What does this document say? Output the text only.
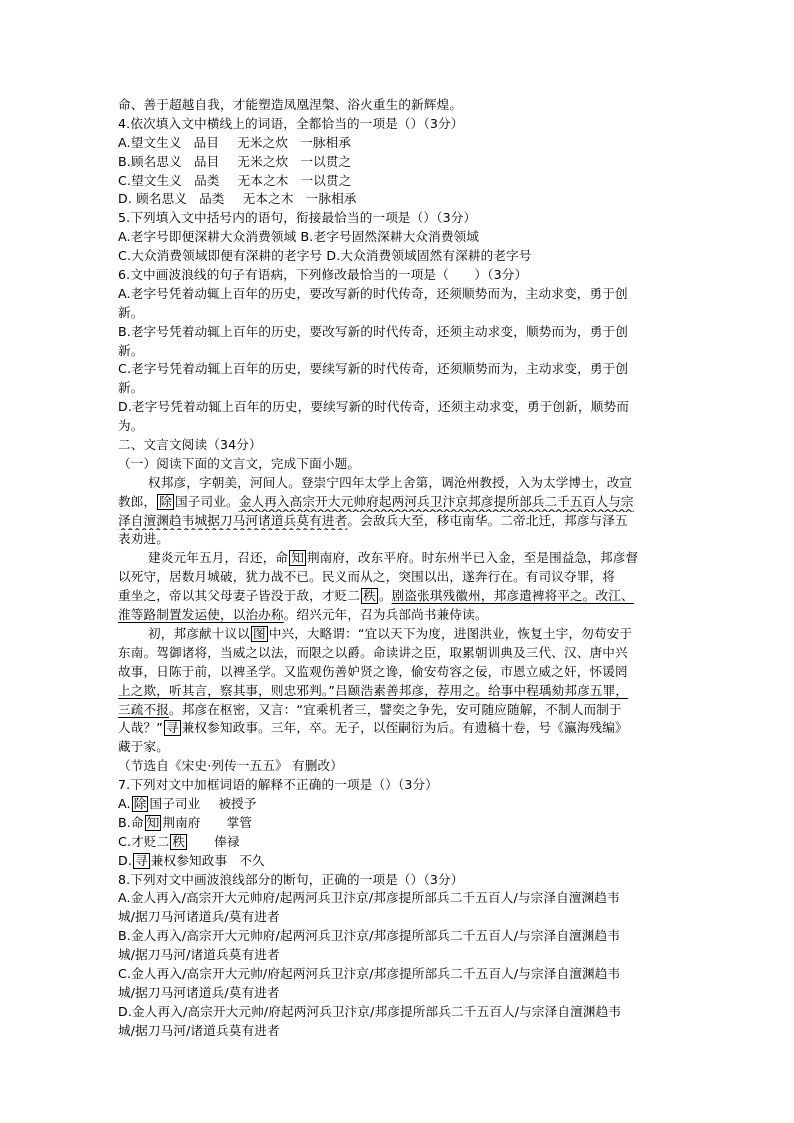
命、善于超越自我，才能塑造凤凰涅槃、浴火重生的新辉煌。
4.依次填入文中横线上的词语，全都恰当的一项是（）（3分）
A.望文生义 品目 无米之炊 一脉相承
B.顾名思义 品目 无米之炊 一以贯之
C.望文生义 品类 无本之木 一以贯之
D. 顾名思义 品类 无本之木 一脉相承
5.下列填入文中括号内的语句，衔接最恰当的一项是（）（3分）
A.老字号即便深耕大众消费领域 B.老字号固然深耕大众消费领域
C.大众消费领域即便有深耕的老字号 D.大众消费领域固然有深耕的老字号
6.文中画波浪线的句子有语病，下列修改最恰当的一项是（　　）（3分）
A.老字号凭着动辄上百年的历史，要改写新的时代传奇，还须顺势而为，主动求变，勇于创
新。
B.老字号凭着动辄上百年的历史，要改写新的时代传奇，还须主动求变，顺势而为，勇于创
新。
C.老字号凭着动辄上百年的历史，要续写新的时代传奇，还须顺势而为，主动求变，勇于创
新。
D.老字号凭着动辄上百年的历史，要续写新的时代传奇，还须主动求变，勇于创新，顺势而
为。
二、文言文阅读（34分）
（一）阅读下面的文言文，完成下面小题。
权邦彦，字朝美，河间人。登崇宁四年太学上舍第，调沧州教授，入为太学博士，改宣
教郎， 除 国子司业。金人再入高宗开大元帅府起两河兵卫汴京邦彦提所部兵二千五百人与宗
泽自澶渊趋韦城据刀马河诸道兵莫有进者。会敌兵大至，移屯南华。二帝北迁，邦彦与泽五
表劝进。
建炎元年五月，召还，命 知 荆南府，改东平府。时东州半已入金，至是围益急，邦彦督
以死守，居数月城破，犹力战不已。民义而从之，突围以出，遂奔行在。有司议夺罪，将
重坐之，帝以其父母妻子皆没于敌，才贬二 秩 。剧盗张琪残徽州，邦彦遣裨将平之。改江、
淮等路制置发运使，以治办称。绍兴元年，召为兵部尚书兼侍读。
初，邦彦献十议以 图 中兴，大略谓：“宜以天下为度，进图洪业，恢复土宇，勿苟安于
东南。驾御诸将，当威之以法，而限之以爵。命读讲之臣，取累朝训典及三代、汉、唐中兴
故事，日陈于前，以裨圣学。又监观伤善妒贤之谗，偷安苟容之佞，市恩立威之奸，怀谖罔
上之欺，听其言，察其事，则忠邪判。”吕颐浩素善邦彦，荐用之。给事中程瑀劾邦彦五罪，
三疏不报。邦彦在枢密，又言：“宜乘机者三，譬奕之争先，安可随应随解，不制人而制于
人哉？” 寻 兼权参知政事。三年，卒。无子，以侄嗣衍为后。有遗稿十卷，号《瀛海残编》
藏于家。
（节选自《宋史·列传一五五》 有删改）
7.下列对文中加框词语的解释不正确的一项是（）（3分）
A. 除 国子司业 被授予
B.命 知 荆南府 掌管
C.才贬二 秩 俸禄
D. 寻 兼权参知政事 不久
8.下列对文中画波浪线部分的断句，正确的一项是（）（3分）
A.金人再入/高宗开大元帅府/起两河兵卫汴京/邦彦提所部兵二千五百人/与宗泽自澶渊趋韦
城/据刀马河诸道兵/莫有进者
B.金人再入/高宗开大元帅府/起两河兵卫汴京/邦彦提所部兵二千五百人/与宗泽自澶渊趋韦
城/据刀马河/诸道兵莫有进者
C.金人再入/高宗开大元帅/府起两河兵卫汴京/邦彦提所部兵二千五百人/与宗泽自澶渊趋韦
城/据刀马河诸道兵/莫有进者
D.金人再入/高宗开大元帅/府起两河兵卫汴京/邦彦提所部兵二千五百人/与宗泽自澶渊趋韦
城/据刀马河/诸道兵莫有进者
